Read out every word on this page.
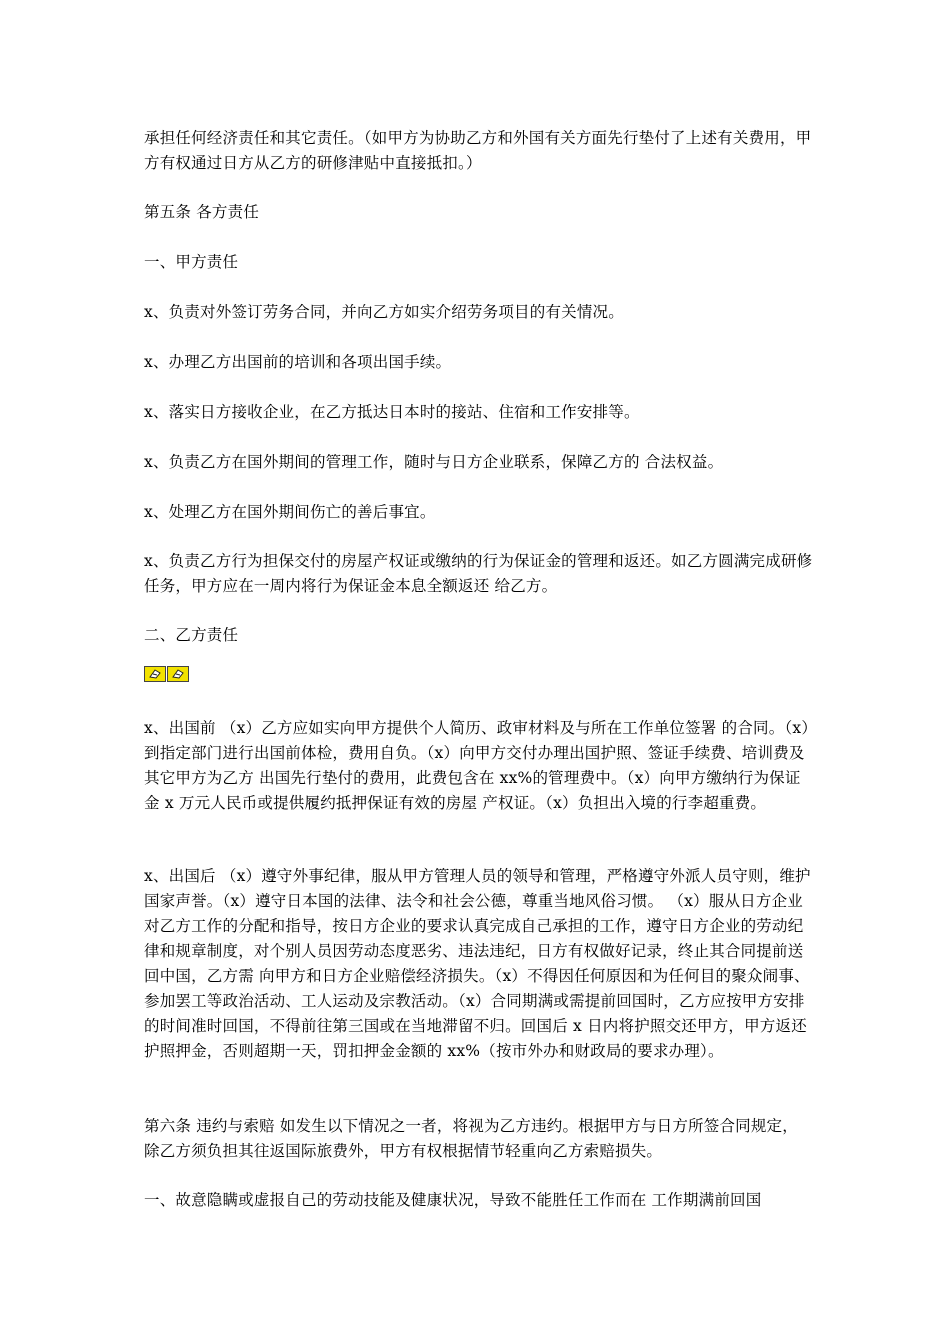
承担任何经济责任和其它责任。（如甲方为协助乙方和外国有关方面先行垫付了上述有关费用，甲方有权通过日方从乙方的研修津贴中直接抵扣。）

第五条 各方责任

一、甲方责任

x、负责对外签订劳务合同，并向乙方如实介绍劳务项目的有关情况。

x、办理乙方出国前的培训和各项出国手续。

x、落实日方接收企业，在乙方抵达日本时的接站、住宿和工作安排等。

x、负责乙方在国外期间的管理工作，随时与日方企业联系，保障乙方的 合法权益。

x、处理乙方在国外期间伤亡的善后事宜。

x、负责乙方行为担保交付的房屋产权证或缴纳的行为保证金的管理和返还。如乙方圆满完成研修任务，甲方应在一周内将行为保证金本息全额返还 给乙方。

二、乙方责任

x、出国前 （x）乙方应如实向甲方提供个人简历、政审材料及与所在工作单位签署 的合同。（x）到指定部门进行出国前体检，费用自负。（x）向甲方交付办理出国护照、签证手续费、培训费及其它甲方为乙方 出国先行垫付的费用，此费包含在 xx%的管理费中。（x）向甲方缴纳行为保证金 x 万元人民币或提供履约抵押保证有效的房屋 产权证。（x）负担出入境的行李超重费。

x、出国后 （x）遵守外事纪律，服从甲方管理人员的领导和管理，严格遵守外派人员守则，维护国家声誉。（x）遵守日本国的法律、法令和社会公德，尊重当地风俗习惯。 （x）服从日方企业对乙方工作的分配和指导，按日方企业的要求认真完成自己承担的工作，遵守日方企业的劳动纪律和规章制度，对个别人员因劳动态度恶劣、违法违纪，日方有权做好记录，终止其合同提前送回中国，乙方需 向甲方和日方企业赔偿经济损失。（x）不得因任何原因和为任何目的聚众闹事、参加罢工等政治活动、工人运动及宗教活动。（x）合同期满或需提前回国时，乙方应按甲方安排的时间准时回国，不得前往第三国或在当地滞留不归。回国后 x 日内将护照交还甲方，甲方返还护照押金，否则超期一天，罚扣押金金额的 xx%（按市外办和财政局的要求办理）。

第六条 违约与索赔 如发生以下情况之一者，将视为乙方违约。根据甲方与日方所签合同规定， 除乙方须负担其往返国际旅费外，甲方有权根据情节轻重向乙方索赔损失。

一、故意隐瞒或虚报自己的劳动技能及健康状况，导致不能胜任工作而在 工作期满前回国
